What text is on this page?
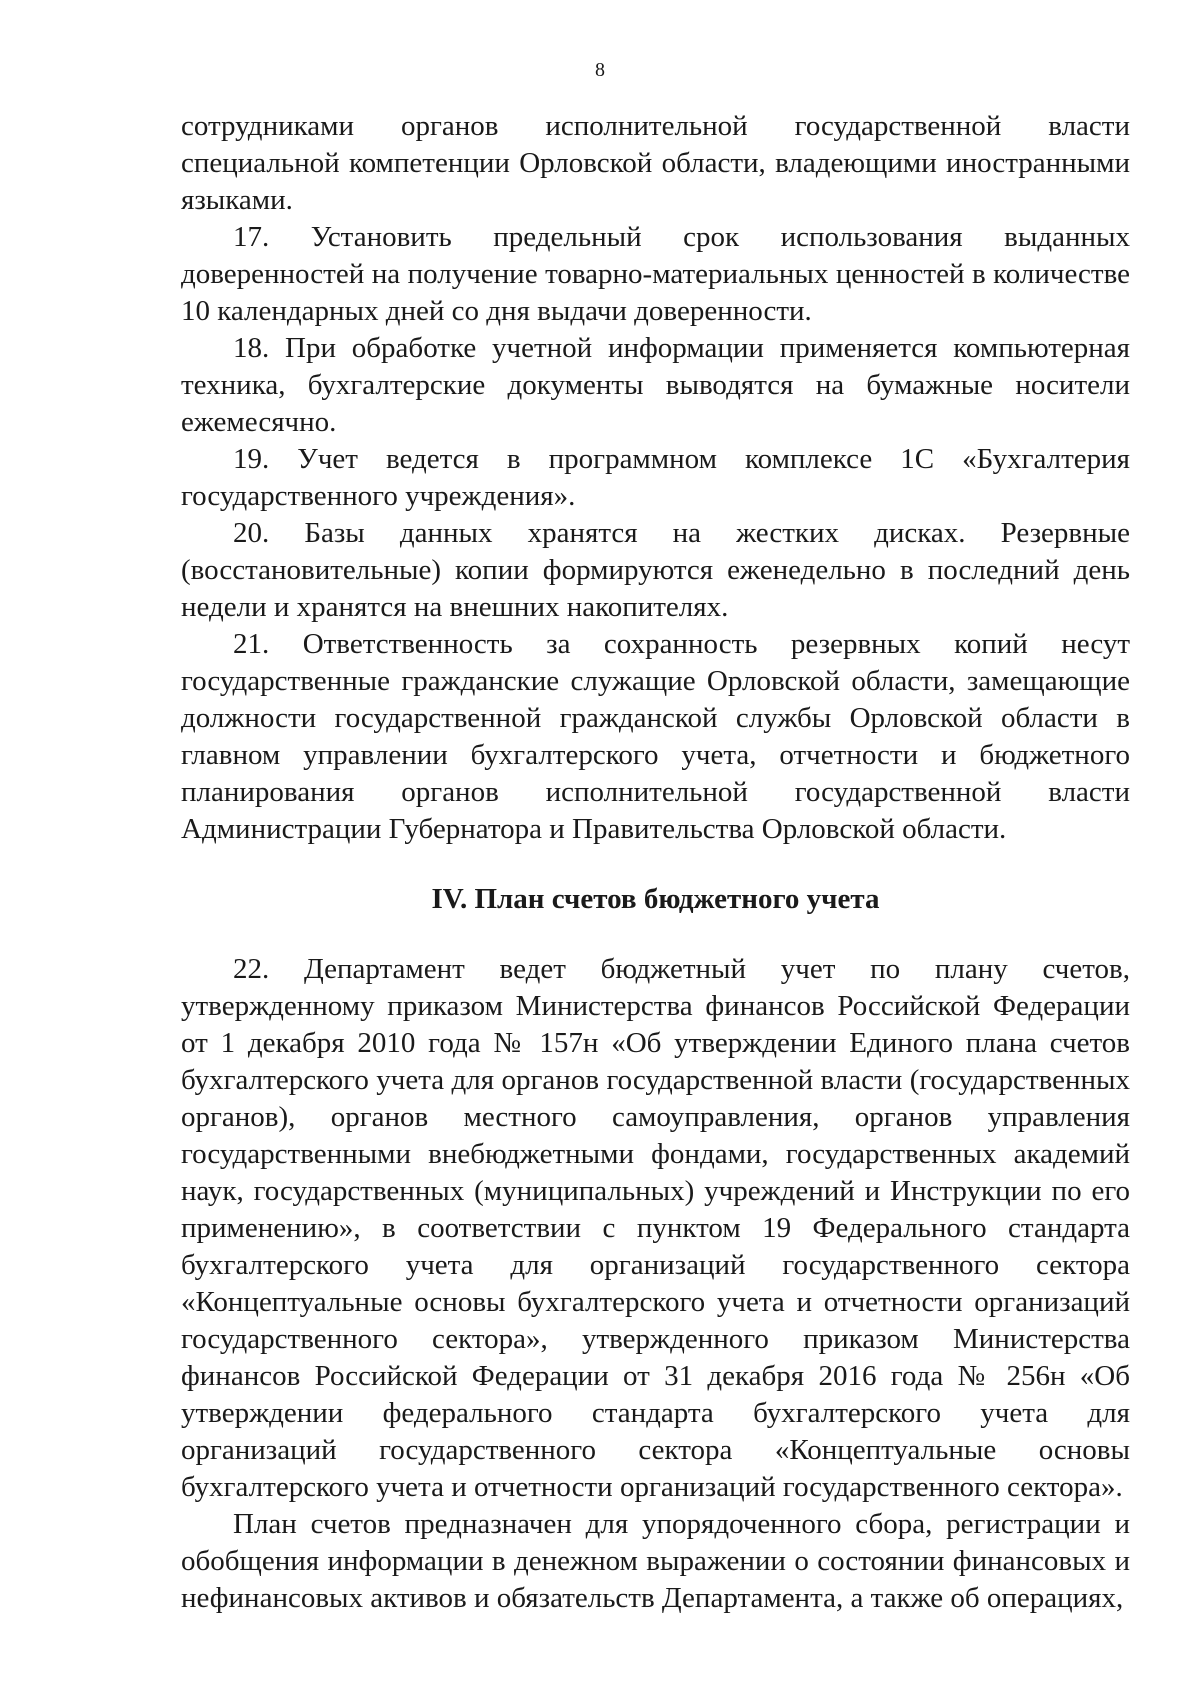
8

сотрудниками органов исполнительной государственной власти специальной компетенции Орловской области, владеющими иностранными языками.

17. Установить предельный срок использования выданных доверенностей на получение товарно-материальных ценностей в количестве 10 календарных дней со дня выдачи доверенности.

18. При обработке учетной информации применяется компьютерная техника, бухгалтерские документы выводятся на бумажные носители ежемесячно.

19. Учет ведется в программном комплексе 1С «Бухгалтерия государственного учреждения».

20. Базы данных хранятся на жестких дисках. Резервные (восстановительные) копии формируются еженедельно в последний день недели и хранятся на внешних накопителях.

21. Ответственность за сохранность резервных копий несут государственные гражданские служащие Орловской области, замещающие должности государственной гражданской службы Орловской области в главном управлении бухгалтерского учета, отчетности и бюджетного планирования органов исполнительной государственной власти Администрации Губернатора и Правительства Орловской области.

IV. План счетов бюджетного учета

22. Департамент ведет бюджетный учет по плану счетов, утвержденному приказом Министерства финансов Российской Федерации от 1 декабря 2010 года № 157н «Об утверждении Единого плана счетов бухгалтерского учета для органов государственной власти (государственных органов), органов местного самоуправления, органов управления государственными внебюджетными фондами, государственных академий наук, государственных (муниципальных) учреждений и Инструкции по его применению», в соответствии с пунктом 19 Федерального стандарта бухгалтерского учета для организаций государственного сектора «Концептуальные основы бухгалтерского учета и отчетности организаций государственного сектора», утвержденного приказом Министерства финансов Российской Федерации от 31 декабря 2016 года № 256н «Об утверждении федерального стандарта бухгалтерского учета для организаций государственного сектора «Концептуальные основы бухгалтерского учета и отчетности организаций государственного сектора».

План счетов предназначен для упорядоченного сбора, регистрации и обобщения информации в денежном выражении о состоянии финансовых и нефинансовых активов и обязательств Департамента, а также об операциях,
